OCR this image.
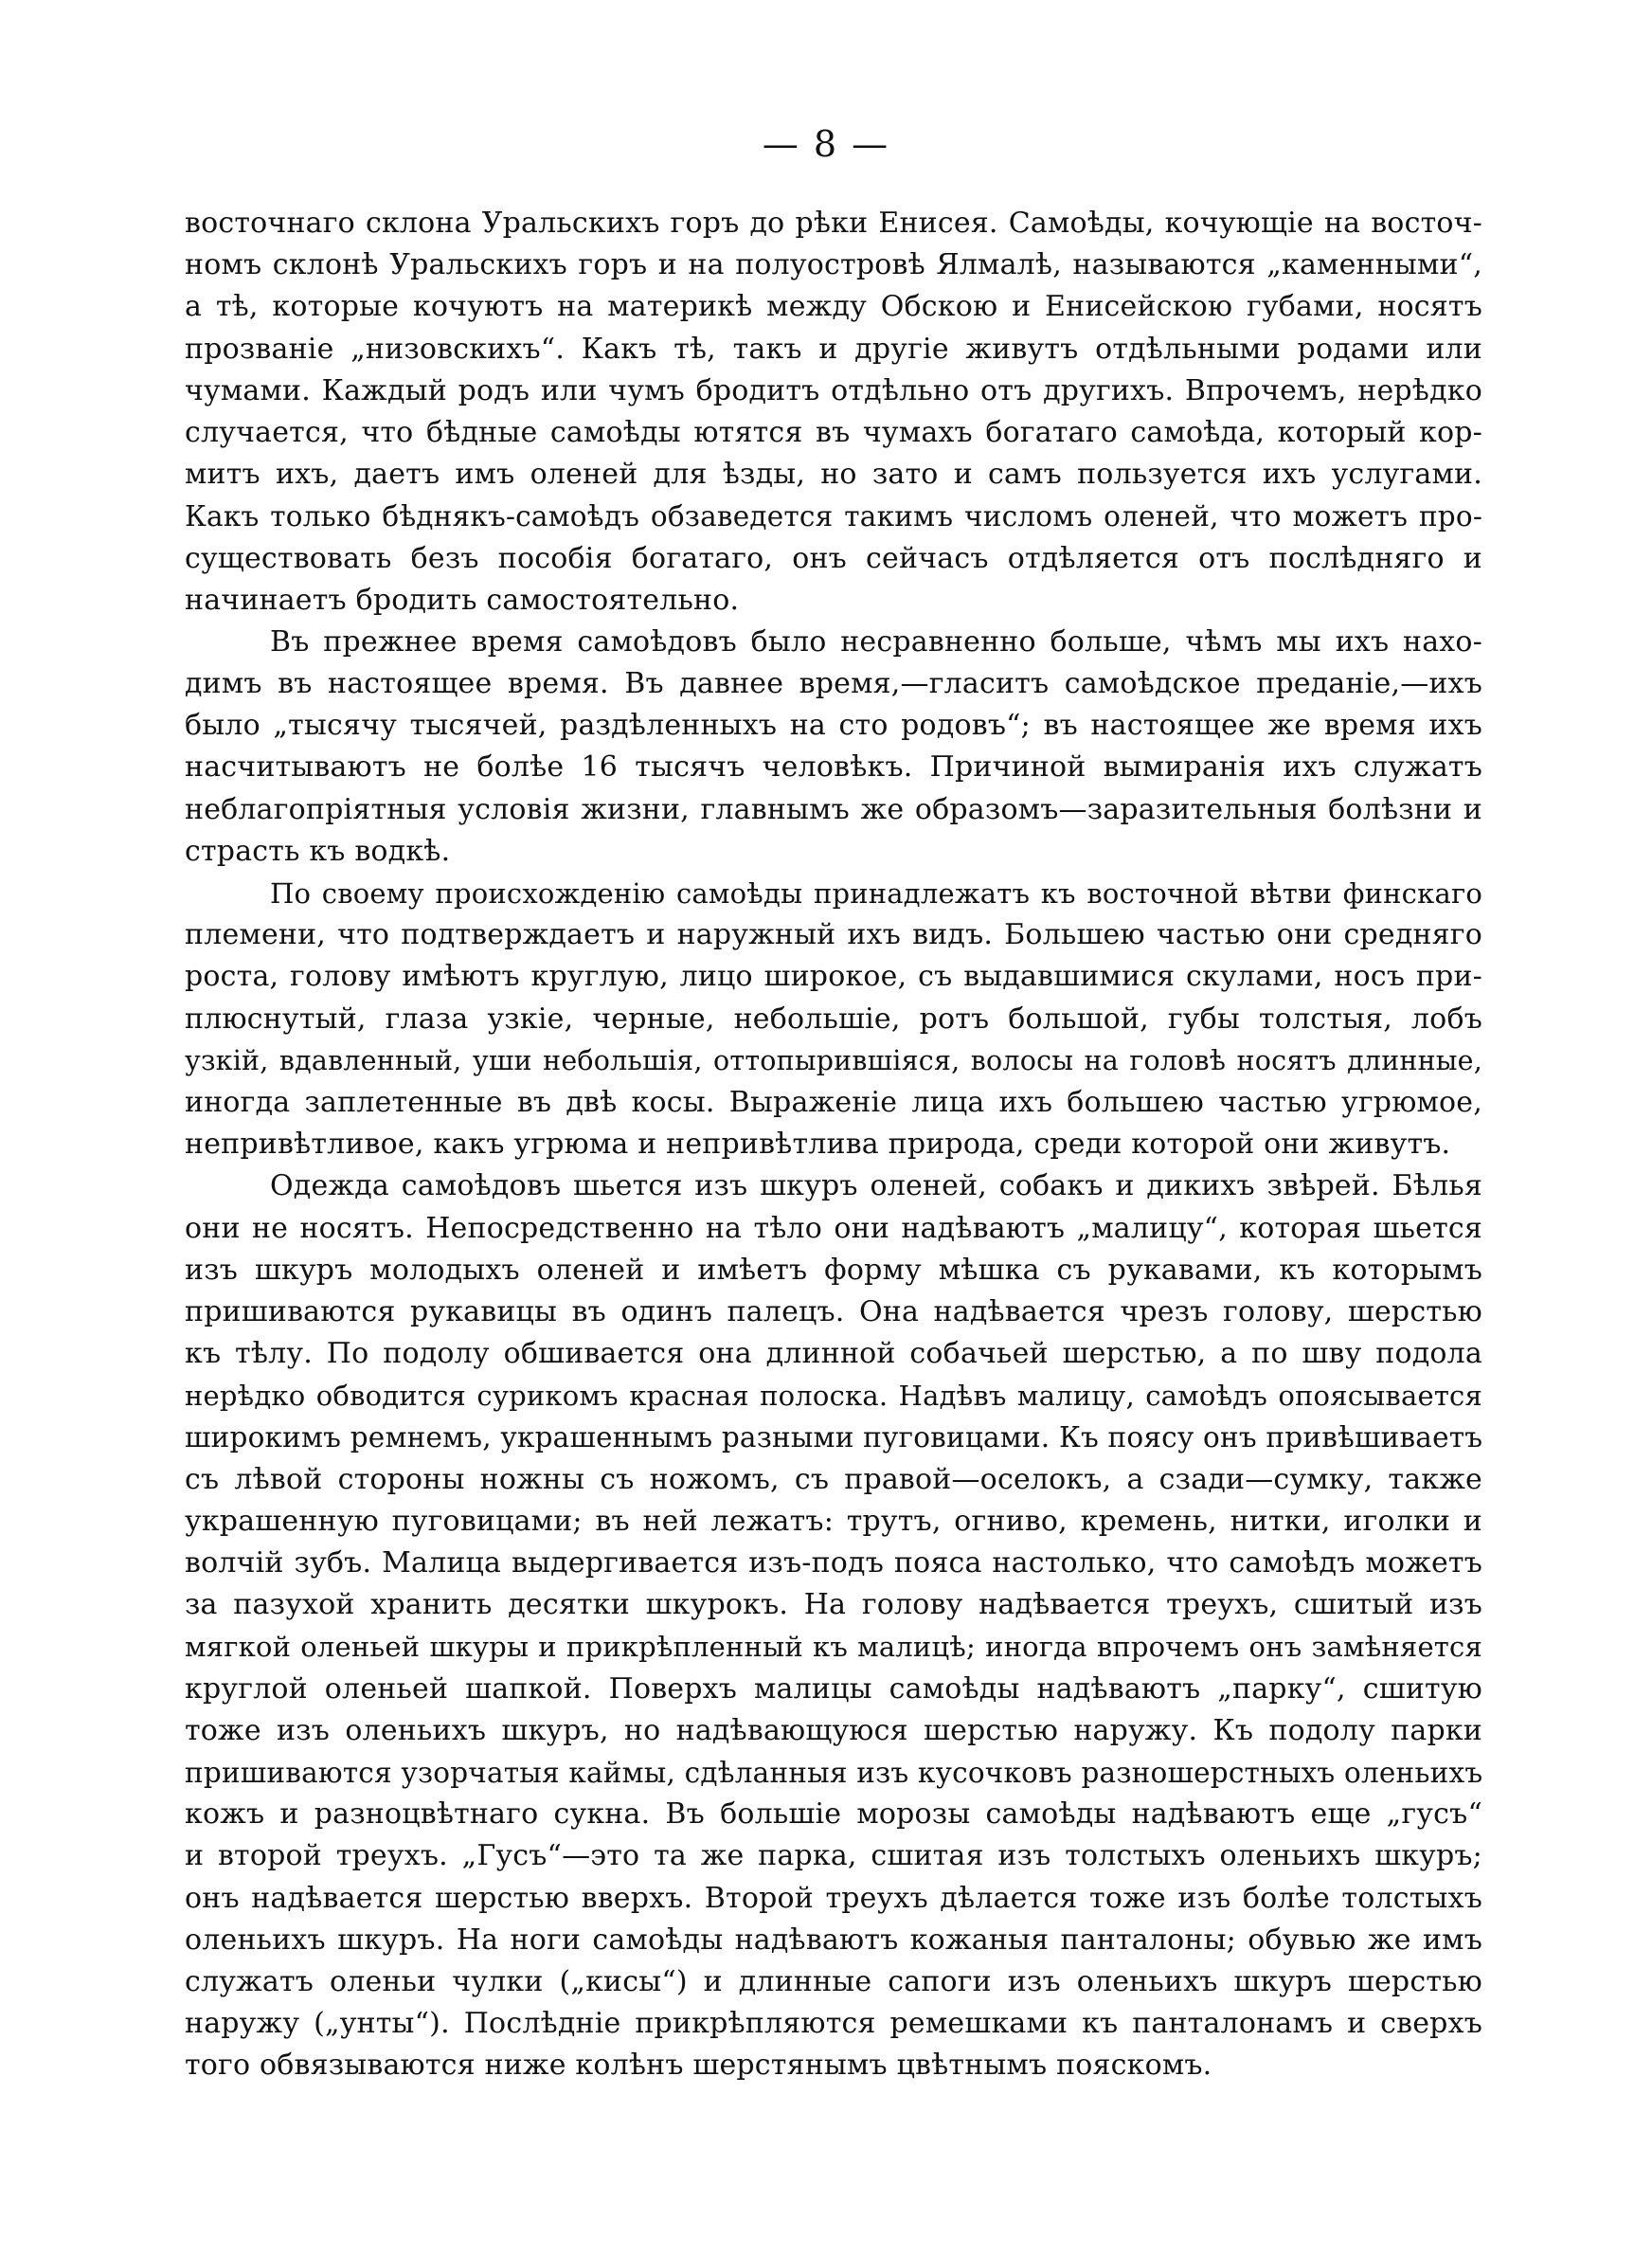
— 8 —
восточнаго склона Уральскихъ горъ до рѣки Енисея. Самоѣды, кочующіе на восточ-
номъ склонѣ Уральскихъ горъ и на полуостровѣ Ялмалѣ, называются „каменными“,
а тѣ, которые кочуютъ на материкѣ между Обскою и Енисейскою губами, носятъ
прозваніе „низовскихъ“. Какъ тѣ, такъ и другіе живутъ отдѣльными родами или
чумами. Каждый родъ или чумъ бродитъ отдѣльно отъ другихъ. Впрочемъ, нерѣдко
случается, что бѣдные самоѣды ютятся въ чумахъ богатаго самоѣда, который кор-
митъ ихъ, даетъ имъ оленей для ѣзды, но зато и самъ пользуется ихъ услугами.
Какъ только бѣднякъ-самоѣдъ обзаведется такимъ числомъ оленей, что можетъ про-
существовать безъ пособія богатаго, онъ сейчасъ отдѣляется отъ послѣдняго и
начинаетъ бродить самостоятельно.
Въ прежнее время самоѣдовъ было несравненно больше, чѣмъ мы ихъ нахо-
димъ въ настоящее время. Въ давнее время,—гласитъ самоѣдское преданіе,—ихъ
было „тысячу тысячей, раздѣленныхъ на сто родовъ“; въ настоящее же время ихъ
насчитываютъ не болѣе 16 тысячъ человѣкъ. Причиной вымиранія ихъ служатъ
неблагопріятныя условія жизни, главнымъ же образомъ—заразительныя болѣзни и
страсть къ водкѣ.
По своему происхожденію самоѣды принадлежатъ къ восточной вѣтви финскаго
племени, что подтверждаетъ и наружный ихъ видъ. Большею частью они средняго
роста, голову имѣютъ круглую, лицо широкое, съ выдавшимися скулами, носъ при-
плюснутый, глаза узкіе, черные, небольшіе, ротъ большой, губы толстыя, лобъ
узкій, вдавленный, уши небольшія, оттопырившіяся, волосы на головѣ носятъ длинные,
иногда заплетенные въ двѣ косы. Выраженіе лица ихъ большею частью угрюмое,
непривѣтливое, какъ угрюма и непривѣтлива природа, среди которой они живутъ.
Одежда самоѣдовъ шьется изъ шкуръ оленей, собакъ и дикихъ звѣрей. Бѣлья
они не носятъ. Непосредственно на тѣло они надѣваютъ „малицу“, которая шьется
изъ шкуръ молодыхъ оленей и имѣетъ форму мѣшка съ рукавами, къ которымъ
пришиваются рукавицы въ одинъ палецъ. Она надѣвается чрезъ голову, шерстью
къ тѣлу. По подолу обшивается она длинной собачьей шерстью, а по шву подола
нерѣдко обводится сурикомъ красная полоска. Надѣвъ малицу, самоѣдъ опоясывается
широкимъ ремнемъ, украшеннымъ разными пуговицами. Къ поясу онъ привѣшиваетъ
съ лѣвой стороны ножны съ ножомъ, съ правой—оселокъ, а сзади—сумку, также
украшенную пуговицами; въ ней лежатъ: трутъ, огниво, кремень, нитки, иголки и
волчій зубъ. Малица выдергивается изъ-подъ пояса настолько, что самоѣдъ можетъ
за пазухой хранить десятки шкурокъ. На голову надѣвается треухъ, сшитый изъ
мягкой оленьей шкуры и прикрѣпленный къ малицѣ; иногда впрочемъ онъ замѣняется
круглой оленьей шапкой. Поверхъ малицы самоѣды надѣваютъ „парку“, сшитую
тоже изъ оленьихъ шкуръ, но надѣвающуюся шерстью наружу. Къ подолу парки
пришиваются узорчатыя каймы, сдѣланныя изъ кусочковъ разношерстныхъ оленьихъ
кожъ и разноцвѣтнаго сукна. Въ большіе морозы самоѣды надѣваютъ еще „гусъ“
и второй треухъ. „Гусъ“—это та же парка, сшитая изъ толстыхъ оленьихъ шкуръ;
онъ надѣвается шерстью вверхъ. Второй треухъ дѣлается тоже изъ болѣе толстыхъ
оленьихъ шкуръ. На ноги самоѣды надѣваютъ кожаныя панталоны; обувью же имъ
служатъ оленьи чулки („кисы“) и длинные сапоги изъ оленьихъ шкуръ шерстью
наружу („унты“). Послѣдніе прикрѣпляются ремешками къ панталонамъ и сверхъ
того обвязываются ниже колѣнъ шерстянымъ цвѣтнымъ пояскомъ.
